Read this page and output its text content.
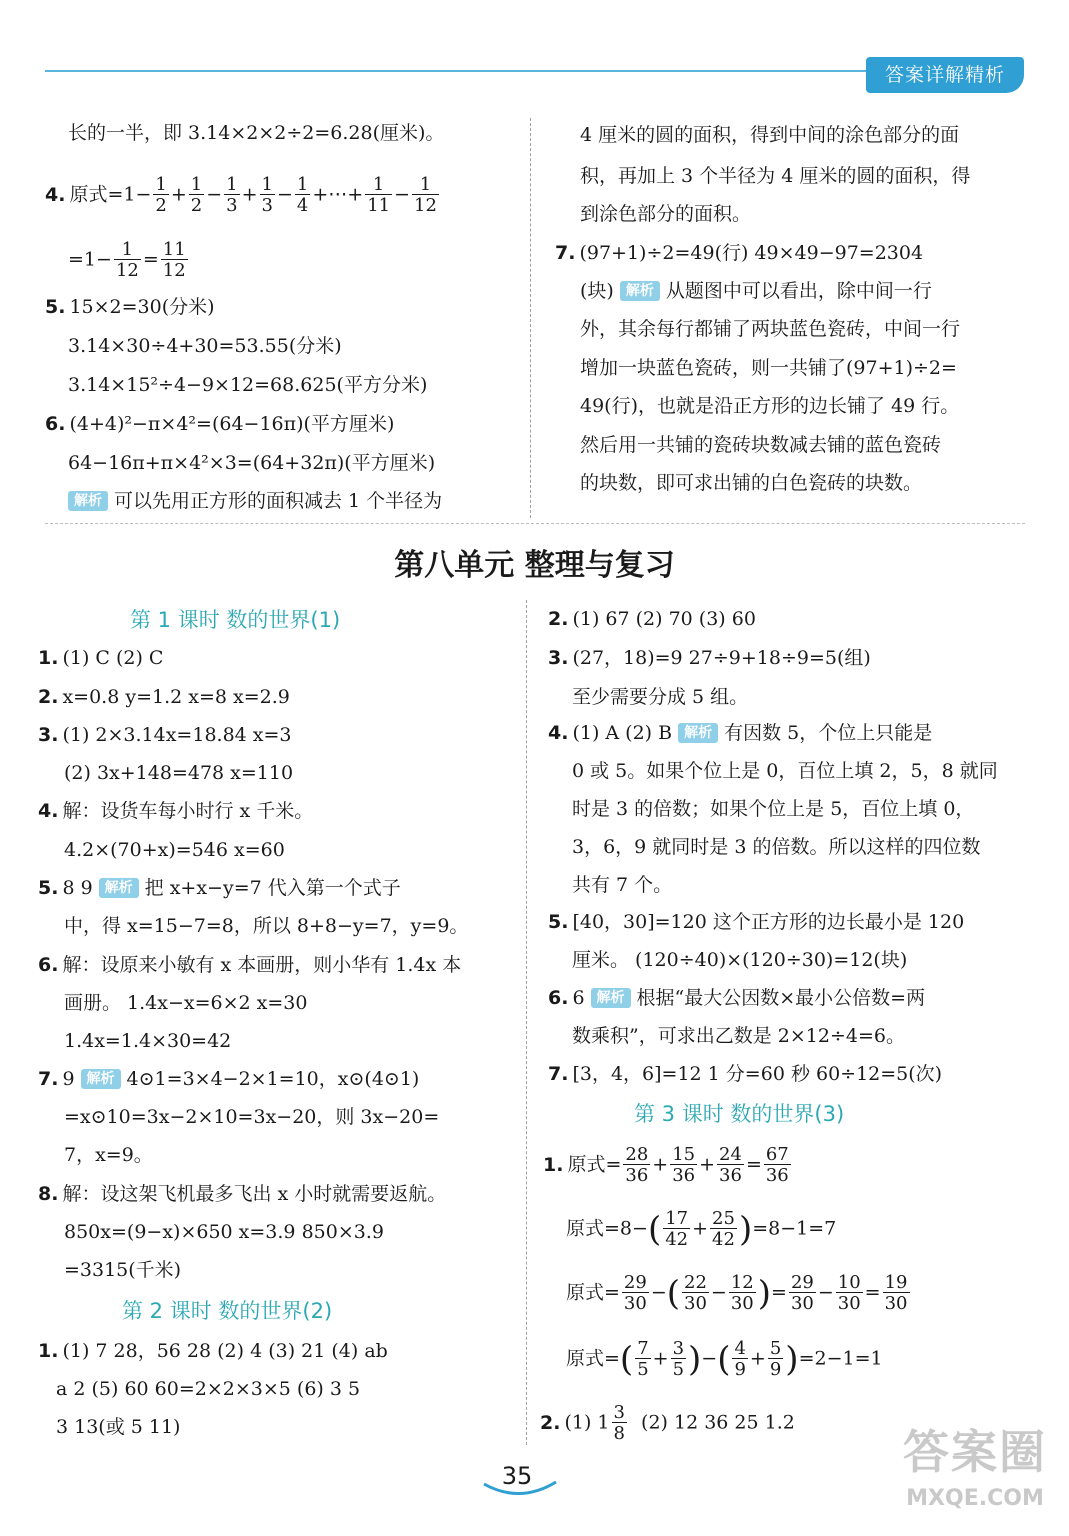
答案详解精析
长的一半，即 3.14×2×2÷2=6.28(厘米)。
4. 原式$=1- \frac{1}{2} + \frac{1}{2} - \frac{1}{3} + \frac{1}{3} - \frac{1}{4}$ +⋯+ $\frac{1}{11} - \frac{1}{12}$
$=1- \frac{1}{12} = \frac{11}{12}$
5. 15×2=30(分米)
3.14×30÷4+30=53.55(分米)
3.14×15²÷4−9×12=68.625(平方分米)
6. (4+4)²−π×4²=(64−16π)(平方厘米)
64−16π+π×4²×3=(64+32π)(平方厘米)
解析 可以先用正方形的面积减去 1 个半径为
4 厘米的圆的面积，得到中间的涂色部分的面
积，再加上 3 个半径为 4 厘米的圆的面积，得
到涂色部分的面积。
7. (97+1)÷2=49(行) 49×49−97=2304
(块) 解析 从题图中可以看出，除中间一行
外，其余每行都铺了两块蓝色瓷砖，中间一行
增加一块蓝色瓷砖，则一共铺了(97+1)÷2=
49(行)，也就是沿正方形的边长铺了 49 行。
然后用一共铺的瓷砖块数减去铺的蓝色瓷砖
的块数，即可求出铺的白色瓷砖的块数。
第八单元 整理与复习
第 1 课时 数的世界(1)
1. (1) C (2) C
2. x=0.8 y=1.2 x=8 x=2.9
3. (1) 2×3.14x=18.84 x=3
(2) 3x+148=478 x=110
4. 解：设货车每小时行 x 千米。
4.2×(70+x)=546 x=60
5. 8 9 解析 把 x+x−y=7 代入第一个式子
中，得 x=15−7=8，所以 8+8−y=7，y=9。
6. 解：设原来小敏有 x 本画册，则小华有 1.4x 本
画册。 1.4x−x=6×2 x=30
1.4x=1.4×30=42
7. 9 解析 4⊙1=3×4−2×1=10，x⊙(4⊙1)
=x⊙10=3x−2×10=3x−20，则 3x−20=
7，x=9。
8. 解：设这架飞机最多飞出 x 小时就需要返航。
850x=(9−x)×650 x=3.9 850×3.9
=3315(千米)
第 2 课时 数的世界(2)
1. (1) 7 28，56 28 (2) 4 (3) 21 (4) ab
a 2 (5) 60 60=2×2×3×5 (6) 3 5
3 13(或 5 11)
2. (1) 67 (2) 70 (3) 60
3. (27，18)=9 27÷9+18÷9=5(组)
至少需要分成 5 组。
4. (1) A (2) B 解析 有因数 5，个位上只能是
0 或 5。如果个位上是 0，百位上填 2，5，8 就同
时是 3 的倍数；如果个位上是 5，百位上填 0，
3，6，9 就同时是 3 的倍数。所以这样的四位数
共有 7 个。
5. [40，30]=120 这个正方形的边长最小是 120
厘米。 (120÷40)×(120÷30)=12(块)
6. 6 解析 根据“最大公因数×最小公倍数=两
数乘积”，可求出乙数是 2×12÷4=6。
7. [3，4，6]=12 1 分=60 秒 60÷12=5(次)
第 3 课时 数的世界(3)
1. 原式= $\frac{28}{36} + \frac{15}{36} + \frac{24}{36} = \frac{67}{36}$
原式$=8-( \frac{17}{42} + \frac{25}{42} )=8-1=7$
原式= $\frac{29}{30}$ −( $\frac{22}{30} - \frac{12}{30}$ )= $\frac{29}{30} - \frac{10}{30} = \frac{19}{30}$
原式=( $\frac{7}{5} + \frac{3}{5}$ )−( $\frac{4}{9} + \frac{5}{9} )=2-1=1$
2. (1) $1 \frac{3}{8} (2)$ 12 36 25 1.2
35	答案圈
MXQE.COM
